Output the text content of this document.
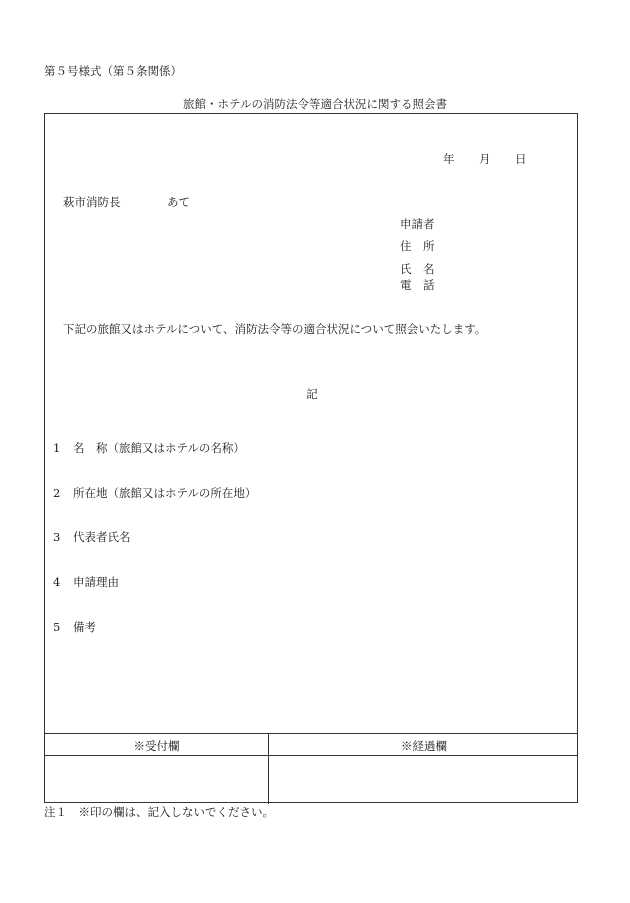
第５号様式（第５条関係）
旅館・ホテルの消防法令等適合状況に関する照会書
年 月 日
萩市消防長	あて
申請者
住　所
氏　名
電　話
下記の旅館又はホテルについて、消防法令等の適合状況について照会いたします。
記
1 名　称（旅館又はホテルの名称）
2 所在地（旅館又はホテルの所在地）
3 代表者氏名
4 申請理由
5 備考
※受付欄	※経過欄
注１　※印の欄は、記入しないでください。
